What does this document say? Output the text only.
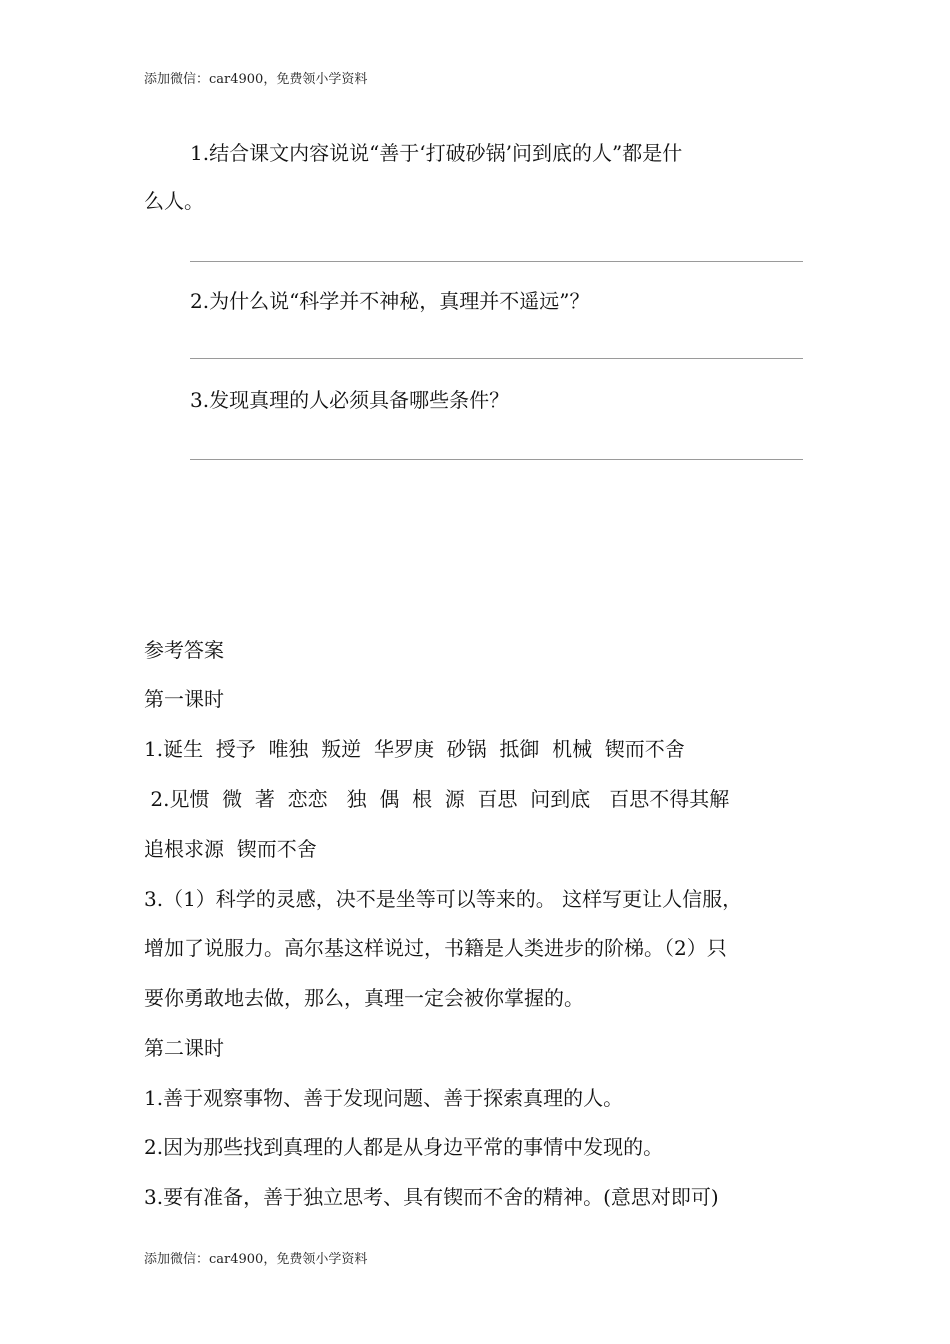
添加微信：car4900，免费领小学资料
1.结合课文内容说说“善于‘打破砂锅’问到底的人”都是什
么人。
2.为什么说“科学并不神秘，真理并不遥远”？
3.发现真理的人必须具备哪些条件？
参考答案
第一课时
1.诞生  授予  唯独  叛逆  华罗庚  砂锅  抵御  机械  锲而不舍
2.见惯  微  著  恋恋   独  偶  根  源  百思  问到底   百思不得其解
追根求源  锲而不舍
3.（1）科学的灵感，决不是坐等可以等来的。 这样写更让人信服，
增加了说服力。高尔基这样说过，书籍是人类进步的阶梯。（2）只
要你勇敢地去做，那么，真理一定会被你掌握的。
第二课时
1.善于观察事物、善于发现问题、善于探索真理的人。
2.因为那些找到真理的人都是从身边平常的事情中发现的。
3.要有准备，善于独立思考、具有锲而不舍的精神。(意思对即可)
添加微信：car4900，免费领小学资料
